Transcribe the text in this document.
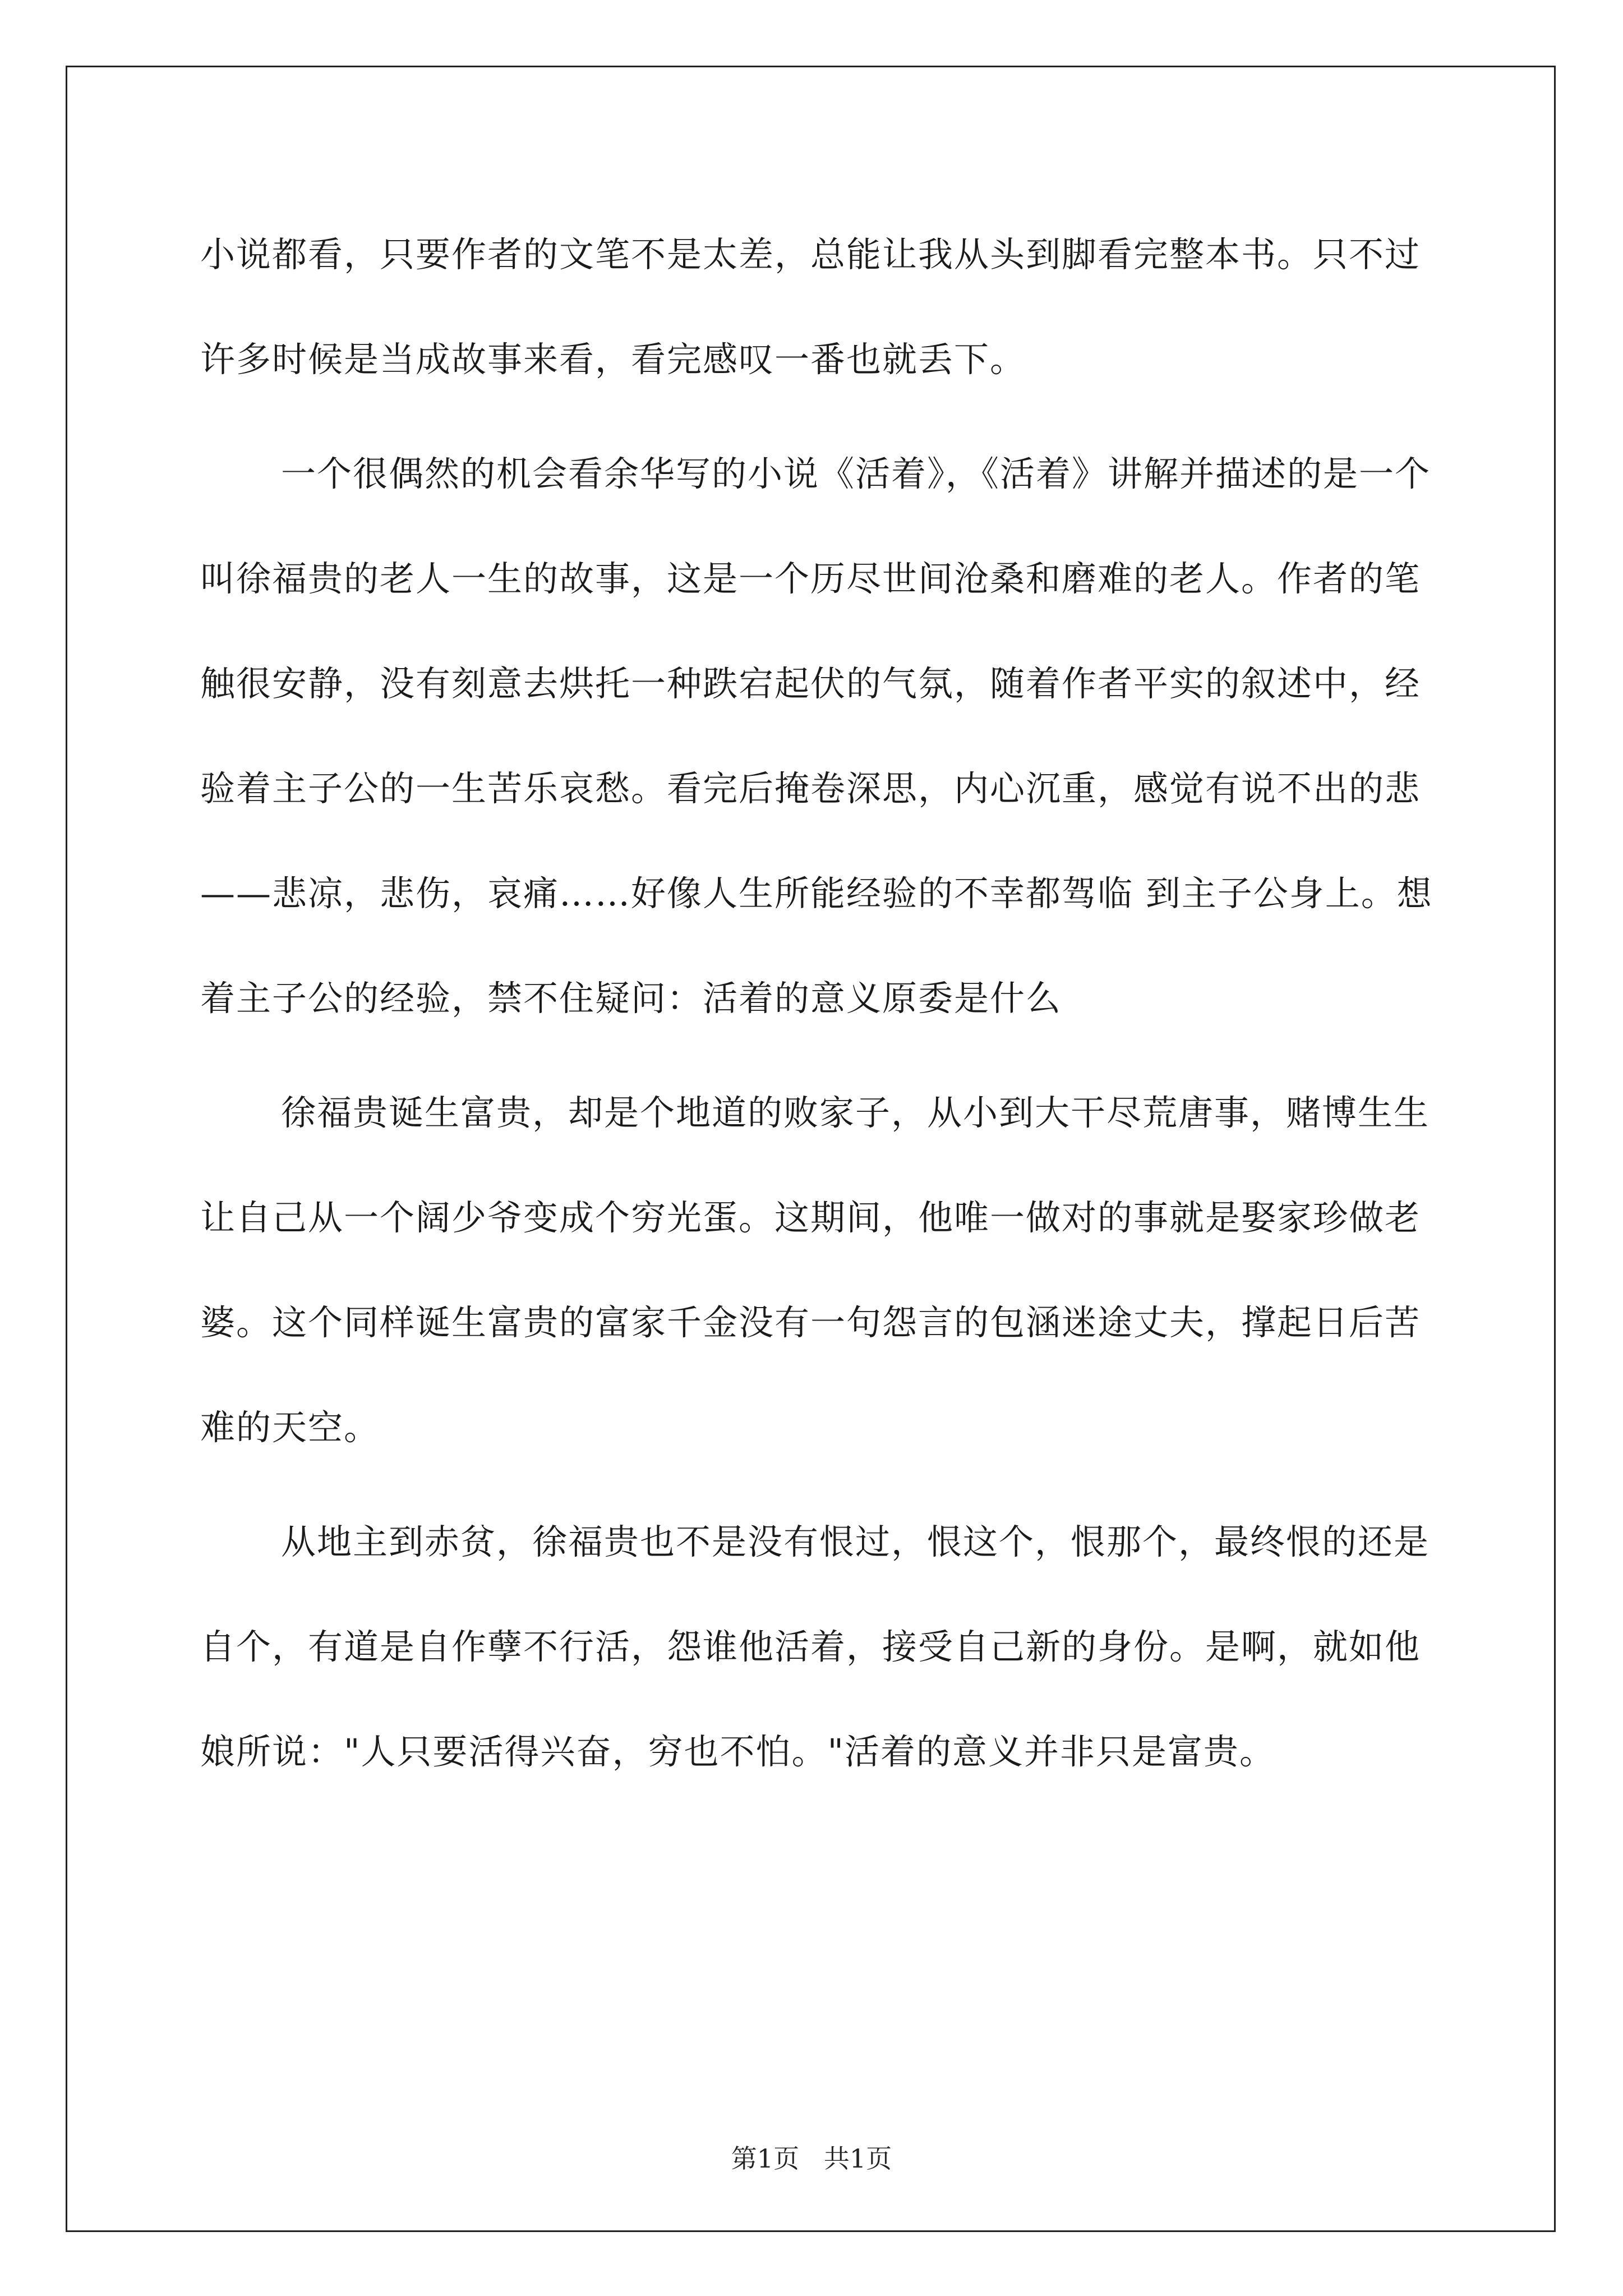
小说都看，只要作者的文笔不是太差，总能让我从头到脚看完整本书。只不过许多时候是当成故事来看，看完感叹一番也就丢下。

一个很偶然的机会看余华写的小说《活着》，《活着》讲解并描述的是一个叫徐福贵的老人一生的故事，这是一个历尽世间沧桑和磨难的老人。作者的笔触很安静，没有刻意去烘托一种跌宕起伏的气氛，随着作者平实的叙述中，经验着主子公的一生苦乐哀愁。看完后掩卷深思，内心沉重，感觉有说不出的悲——悲凉，悲伤，哀痛……好像人生所能经验的不幸都驾临 到主子公身上。想着主子公的经验，禁不住疑问：活着的意义原委是什么

徐福贵诞生富贵，却是个地道的败家子，从小到大干尽荒唐事，赌博生生让自己从一个阔少爷变成个穷光蛋。这期间，他唯一做对的事就是娶家珍做老婆。这个同样诞生富贵的富家千金没有一句怨言的包涵迷途丈夫，撑起日后苦难的天空。

从地主到赤贫，徐福贵也不是没有恨过，恨这个，恨那个，最终恨的还是自个，有道是自作孽不行活，怨谁他活着，接受自己新的身份。是啊，就如他娘所说："人只要活得兴奋，穷也不怕。"活着的意义并非只是富贵。

第1页   共1页
